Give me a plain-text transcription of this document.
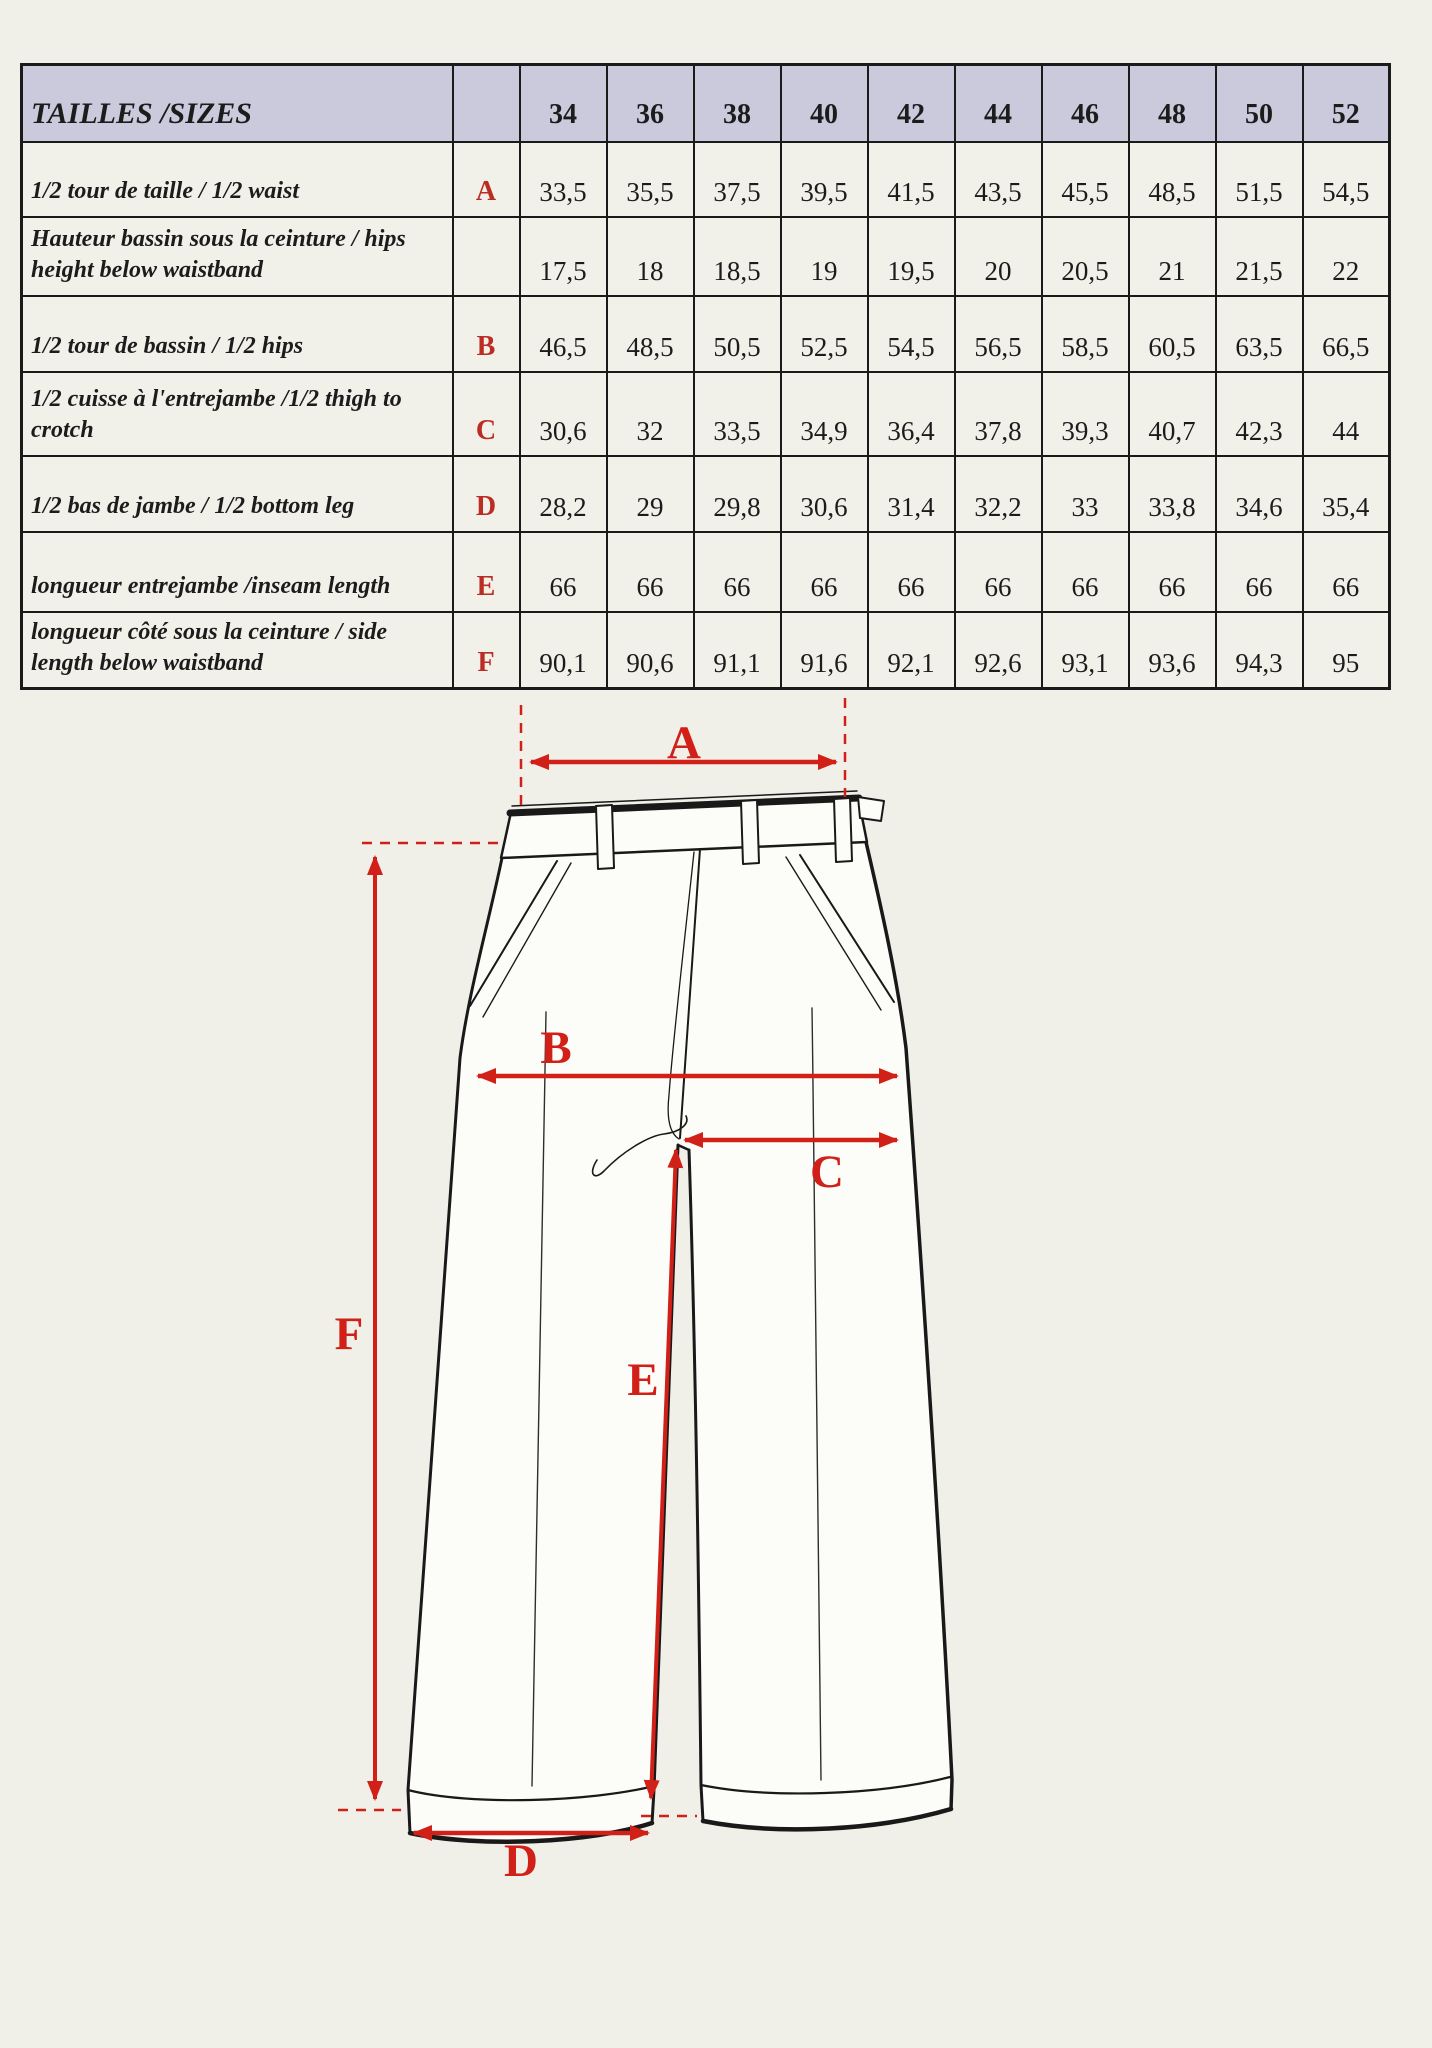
TAILLES /SIZES		34	36	38	40	42	44	46	48	50	52
1/2 tour de taille / 1/2 waist	A	33,5	35,5	37,5	39,5	41,5	43,5	45,5	48,5	51,5	54,5
Hauteur bassin sous la ceinture / hips height below waistband		17,5	18	18,5	19	19,5	20	20,5	21	21,5	22
1/2 tour de bassin / 1/2 hips	B	46,5	48,5	50,5	52,5	54,5	56,5	58,5	60,5	63,5	66,5
1/2 cuisse à l'entrejambe /1/2 thigh to crotch	C	30,6	32	33,5	34,9	36,4	37,8	39,3	40,7	42,3	44
1/2 bas de jambe / 1/2 bottom leg	D	28,2	29	29,8	30,6	31,4	32,2	33	33,8	34,6	35,4
longueur entrejambe /inseam length	E	66	66	66	66	66	66	66	66	66	66
longueur côté sous la ceinture / side length below waistband	F	90,1	90,6	91,1	91,6	92,1	92,6	93,1	93,6	94,3	95
A
B
C
D
E
F
